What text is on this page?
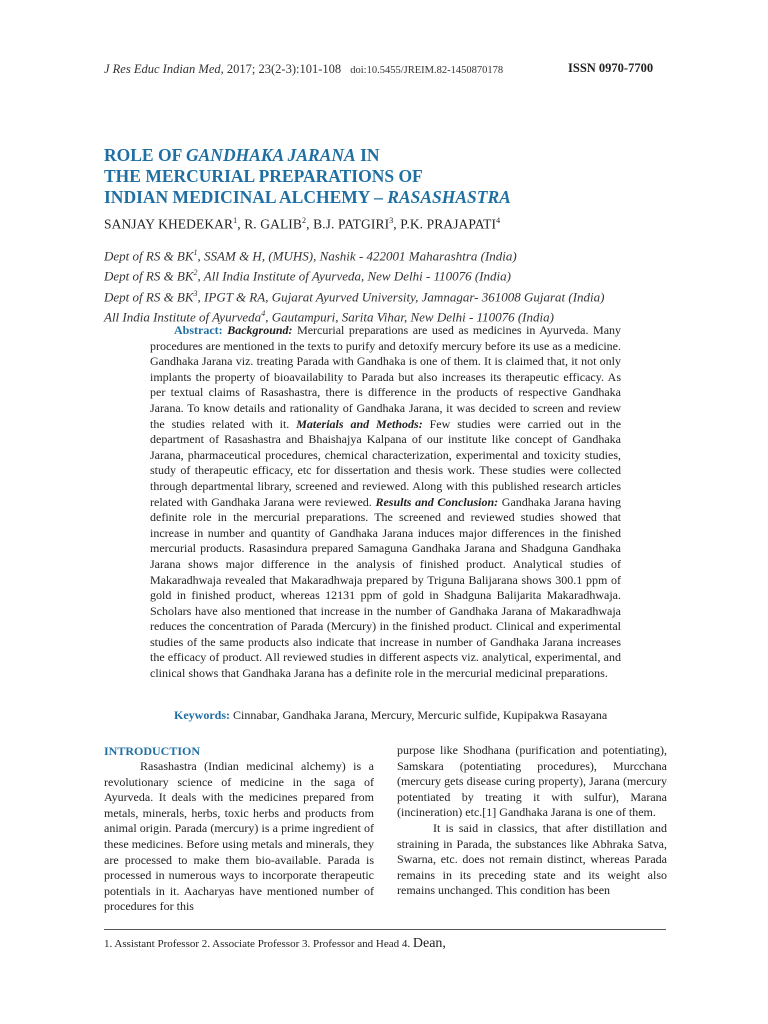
J Res Educ Indian Med, 2017; 23(2-3):101-108 doi:10.5455/JREIM.82-1450870178	ISSN 0970-7700
ROLE OF GANDHAKA JARANA IN
THE MERCURIAL PREPARATIONS OF
INDIAN MEDICINAL ALCHEMY – RASASHASTRA
SANJAY KHEDEKAR$^1$, R. GALIB$^2$, B.J. PATGIRI$^3$, P.K. PRAJAPATI$^4$
Dept of RS & $BK^1$, SSAM & H, (MUHS), Nashik - 422001 Maharashtra (India)
Dept of RS & $BK^2$, All India Institute of Ayurveda, New Delhi - 110076 (India)
Dept of RS & $BK^3$, IPGT & RA, Gujarat Ayurved University, Jamnagar- 361008 Gujarat (India)
All India Institute of Ayurveda$^4$, Gautampuri, Sarita Vihar, New Delhi - 110076 (India)
Abstract: Background: Mercurial preparations are used as medicines in Ayurveda. Many procedures are mentioned in the texts to purify and detoxify mercury before its use as a medicine. Gandhaka Jarana viz. treating Parada with Gandhaka is one of them. It is claimed that, it not only implants the property of bioavailability to Parada but also increases its therapeutic efficacy. As per textual claims of Rasashastra, there is difference in the products of respective Gandhaka Jarana. To know details and rationality of Gandhaka Jarana, it was decided to screen and review the studies related with it. Materials and Methods: Few studies were carried out in the department of Rasashastra and Bhaishajya Kalpana of our institute like concept of Gandhaka Jarana, pharmaceutical procedures, chemical characterization, experimental and toxicity studies, study of therapeutic efficacy, etc for dissertation and thesis work. These studies were collected through departmental library, screened and reviewed. Along with this published research articles related with Gandhaka Jarana were reviewed. Results and Conclusion: Gandhaka Jarana having definite role in the mercurial preparations. The screened and reviewed studies showed that increase in number and quantity of Gandhaka Jarana induces major differences in the finished mercurial products. Rasasindura prepared Samaguna Gandhaka Jarana and Shadguna Gandhaka Jarana shows major difference in the analysis of finished product. Analytical studies of Makaradhwaja revealed that Makaradhwaja prepared by Triguna Balijarana shows 300.1 ppm of gold in finished product, whereas 12131 ppm of gold in Shadguna Balijarita Makaradhwaja. Scholars have also mentioned that increase in the number of Gandhaka Jarana of Makaradhwaja reduces the concentration of Parada (Mercury) in the finished product. Clinical and experimental studies of the same products also indicate that increase in number of Gandhaka Jarana increases the efficacy of product. All reviewed studies in different aspects viz. analytical, experimental, and clinical shows that Gandhaka Jarana has a definite role in the mercurial medicinal preparations.
Keywords: Cinnabar, Gandhaka Jarana, Mercury, Mercuric sulfide, Kupipakwa Rasayana
INTRODUCTION

Rasashastra (Indian medicinal alchemy) is a revolutionary science of medicine in the saga of Ayurveda. It deals with the medicines prepared from metals, minerals, herbs, toxic herbs and products from animal origin. Parada (mercury) is a prime ingredient of these medicines. Before using metals and minerals, they are processed to make them bio-available. Parada is processed in numerous ways to incorporate therapeutic potentials in it. Aacharyas have mentioned number of procedures for this

purpose like Shodhana (purification and potentiating), Samskara (potentiating procedures), Murcchana (mercury gets disease curing property), Jarana (mercury potentiated by treating it with sulfur), Marana (incineration) etc.[1] Gandhaka Jarana is one of them.

It is said in classics, that after distillation and straining in Parada, the substances like Abhraka Satva, Swarna, etc. does not remain distinct, whereas Parada remains in its preceding state and its weight also remains unchanged. This condition has been

1. Assistant Professor 2. Associate Professor 3. Professor and Head 4. Dean,
